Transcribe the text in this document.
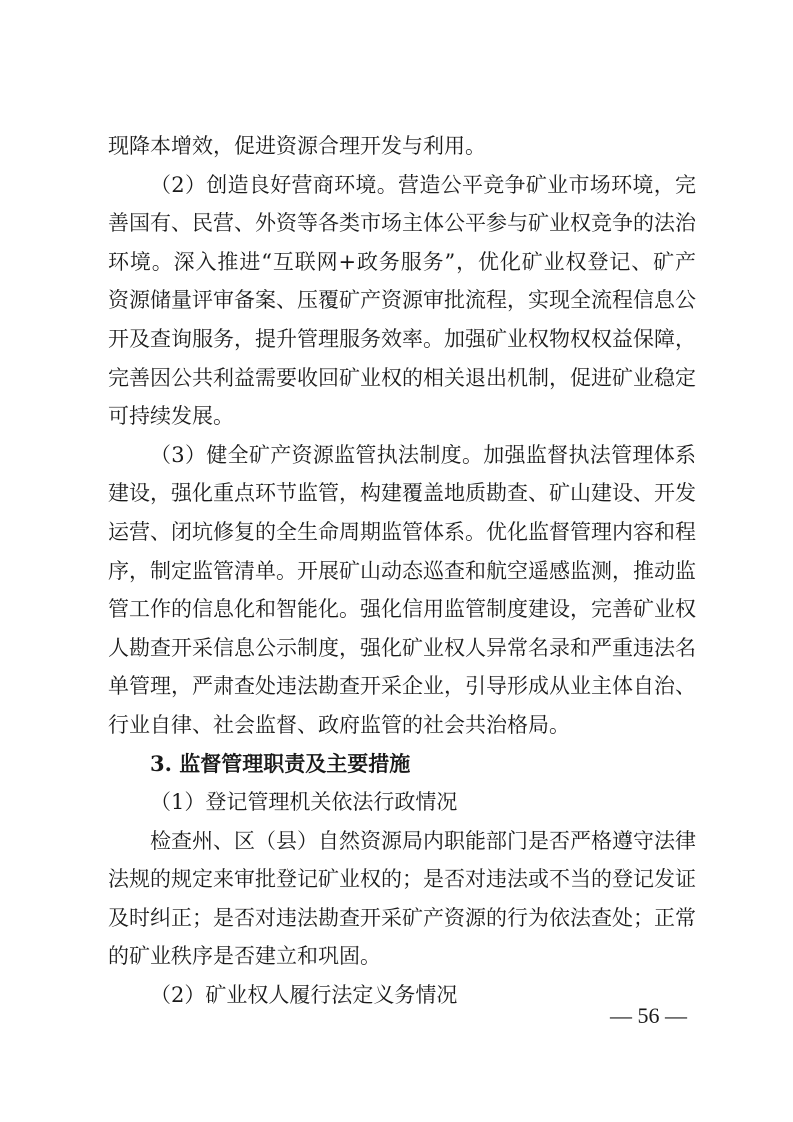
现降本增效，促进资源合理开发与利用。
（2）创造良好营商环境。营造公平竞争矿业市场环境，完
善国有、民营、外资等各类市场主体公平参与矿业权竞争的法治
环境。深入推进“互联网+政务服务”，优化矿业权登记、矿产
资源储量评审备案、压覆矿产资源审批流程，实现全流程信息公
开及查询服务，提升管理服务效率。加强矿业权物权权益保障，
完善因公共利益需要收回矿业权的相关退出机制，促进矿业稳定
可持续发展。
（3）健全矿产资源监管执法制度。加强监督执法管理体系
建设，强化重点环节监管，构建覆盖地质勘查、矿山建设、开发
运营、闭坑修复的全生命周期监管体系。优化监督管理内容和程
序，制定监管清单。开展矿山动态巡查和航空遥感监测，推动监
管工作的信息化和智能化。强化信用监管制度建设，完善矿业权
人勘查开采信息公示制度，强化矿业权人异常名录和严重违法名
单管理，严肃查处违法勘查开采企业，引导形成从业主体自治、
行业自律、社会监督、政府监管的社会共治格局。
3. 监督管理职责及主要措施
（1）登记管理机关依法行政情况
检查州、区（县）自然资源局内职能部门是否严格遵守法律
法规的规定来审批登记矿业权的；是否对违法或不当的登记发证
及时纠正；是否对违法勘查开采矿产资源的行为依法查处；正常
的矿业秩序是否建立和巩固。
（2）矿业权人履行法定义务情况
— 56 —
